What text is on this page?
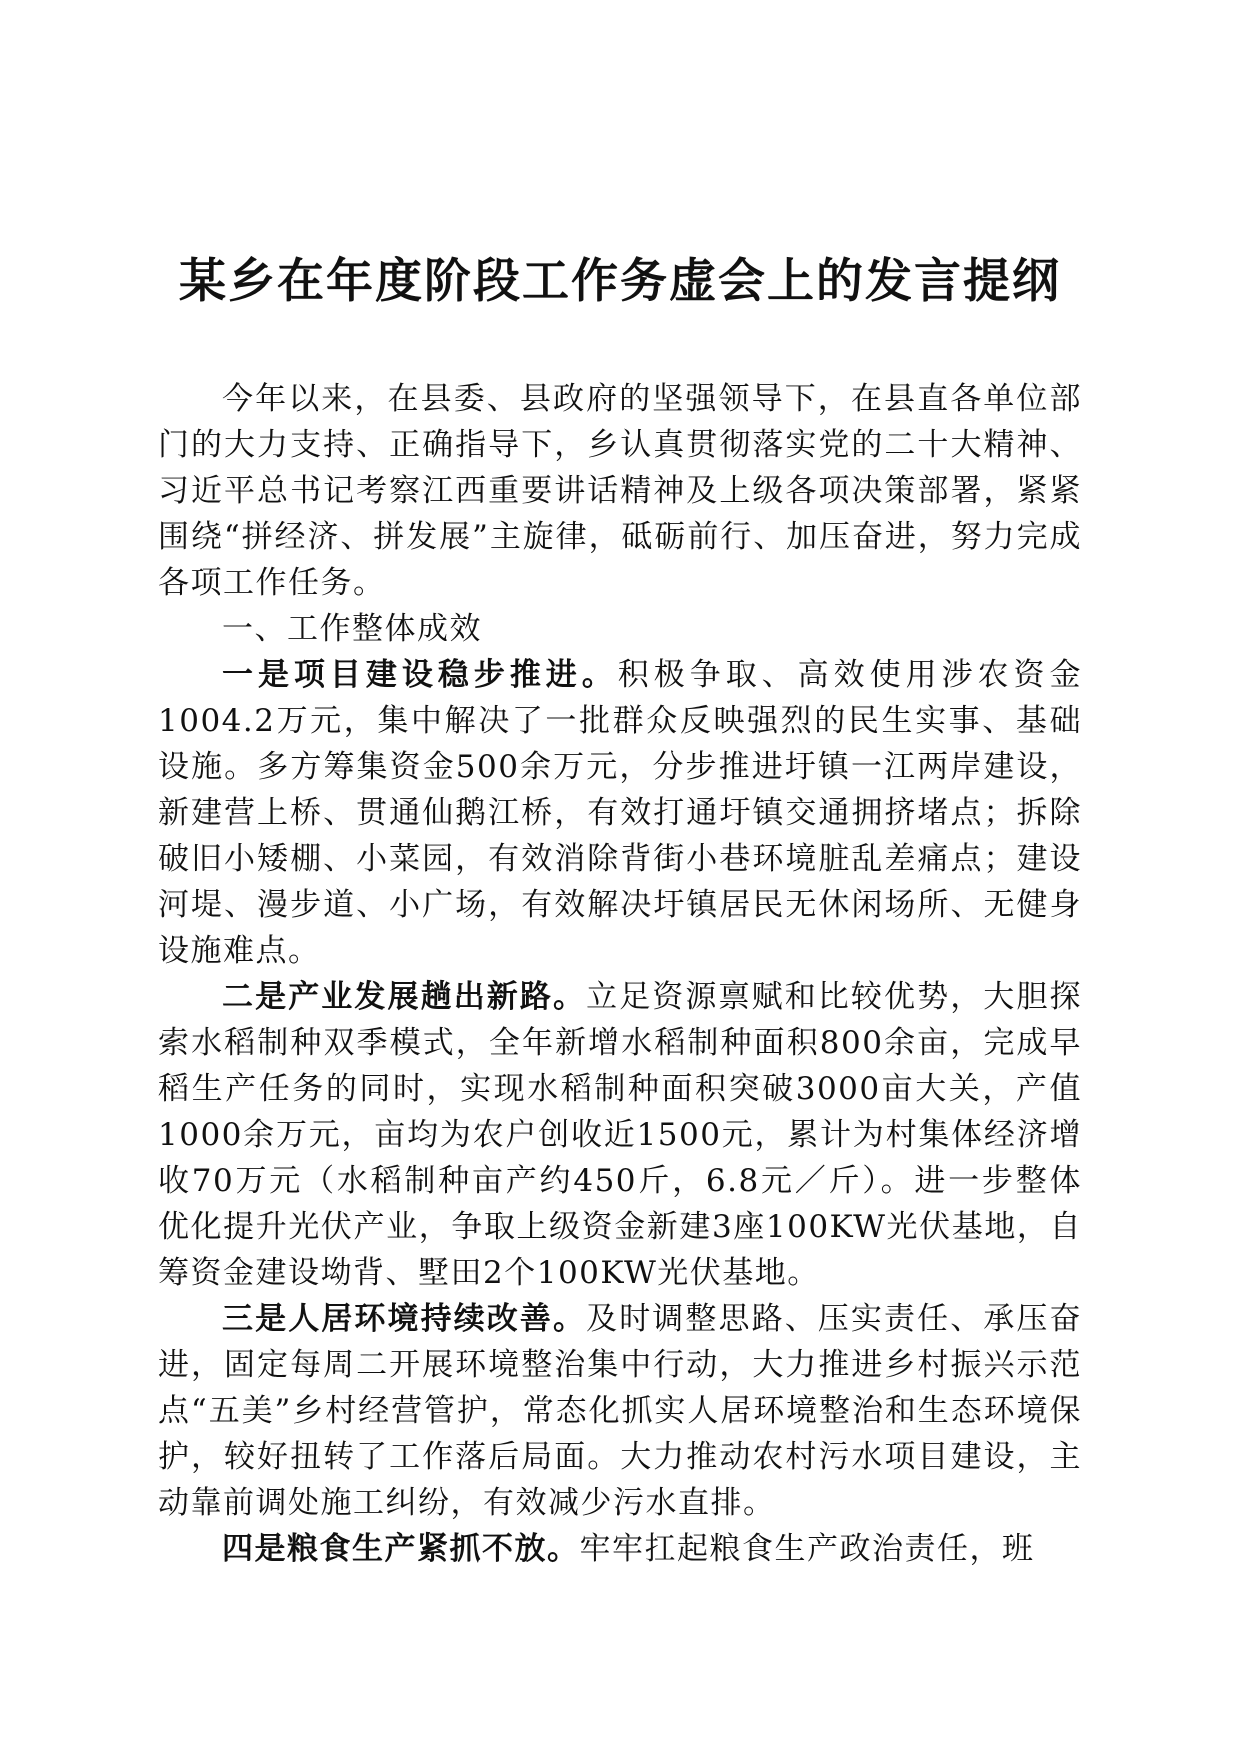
某乡在年度阶段工作务虚会上的发言提纲

今年以来，在县委、县政府的坚强领导下，在县直各单位部门的大力支持、正确指导下，乡认真贯彻落实党的二十大精神、习近平总书记考察江西重要讲话精神及上级各项决策部署，紧紧围绕“拼经济、拼发展”主旋律，砥砺前行、加压奋进，努力完成各项工作任务。

一、工作整体成效

一是项目建设稳步推进。积极争取、高效使用涉农资金1004.2万元，集中解决了一批群众反映强烈的民生实事、基础设施。多方筹集资金500余万元，分步推进圩镇一江两岸建设，新建营上桥、贯通仙鹅江桥，有效打通圩镇交通拥挤堵点；拆除破旧小矮棚、小菜园，有效消除背街小巷环境脏乱差痛点；建设河堤、漫步道、小广场，有效解决圩镇居民无休闲场所、无健身设施难点。

二是产业发展趟出新路。立足资源禀赋和比较优势，大胆探索水稻制种双季模式，全年新增水稻制种面积800余亩，完成早稻生产任务的同时，实现水稻制种面积突破3000亩大关，产值1000余万元，亩均为农户创收近1500元，累计为村集体经济增收70万元（水稻制种亩产约450斤，6.8元／斤）。进一步整体优化提升光伏产业，争取上级资金新建3座100KW光伏基地，自筹资金建设坳背、墅田2个100KW光伏基地。

三是人居环境持续改善。及时调整思路、压实责任、承压奋进，固定每周二开展环境整治集中行动，大力推进乡村振兴示范点“五美”乡村经营管护，常态化抓实人居环境整治和生态环境保护，较好扭转了工作落后局面。大力推动农村污水项目建设，主动靠前调处施工纠纷，有效减少污水直排。

四是粮食生产紧抓不放。牢牢扛起粮食生产政治责任，班
